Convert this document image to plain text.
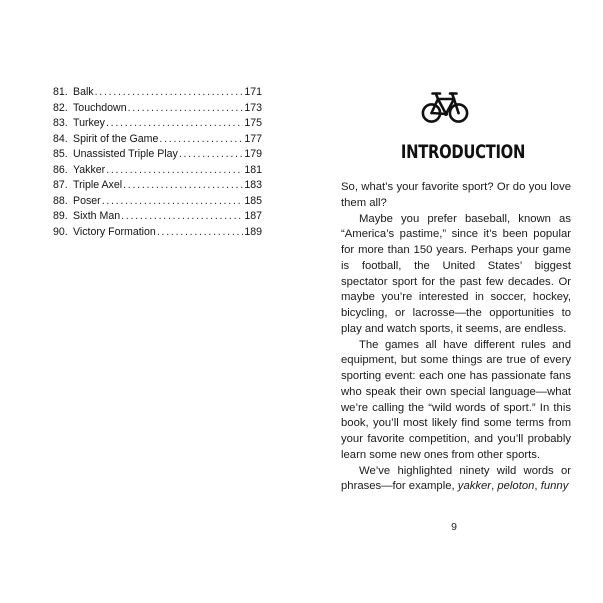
81. Balk . . .	171
82. Touchdown . . .	173
83. Turkey . . .	175
84. Spirit of the Game . . .	177
85. Unassisted Triple Play . . .	179
86. Yakker . . .	181
87. Triple Axel . . .	183
88. Poser . . .	185
89. Sixth Man . . .	187
90. Victory Formation . . .	189
INTRODUCTION

So, what’s your favorite sport? Or do you love them all?

Maybe you prefer baseball, known as “America’s pastime,” since it’s been popular for more than 150 years. Perhaps your game is football, the United States’ biggest spectator sport for the past few decades. Or maybe you’re interested in soccer, hockey, bicycling, or lacrosse—the opportunities to play and watch sports, it seems, are endless.

The games all have different rules and equipment, but some things are true of every sporting event: each one has passionate fans who speak their own special language—what we’re calling the “wild words of sport.” In this book, you’ll most likely find some terms from your favorite competition, and you’ll probably learn some new ones from other sports.

We’ve highlighted ninety wild words or phrases—for example, yakker, peloton, funny

9
